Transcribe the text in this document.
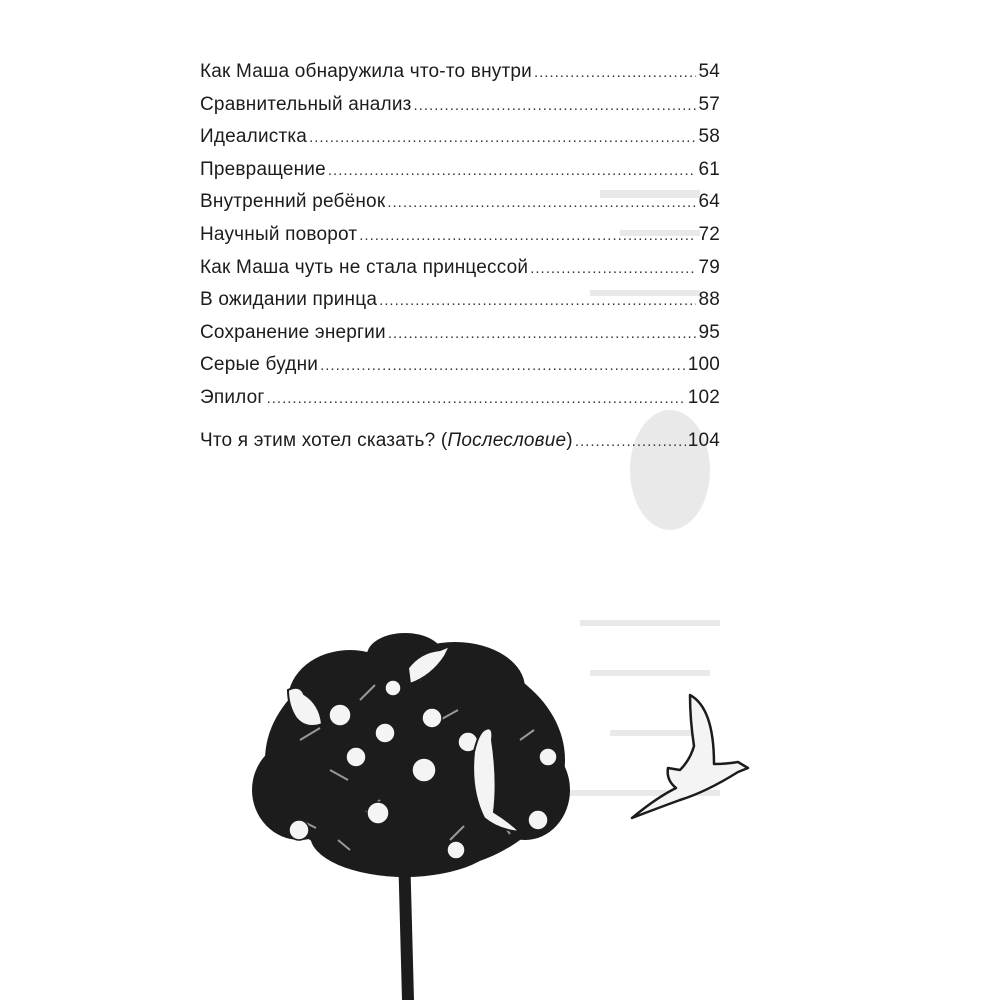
Как Маша обнаружила что-то внутри .....	54
Сравнительный анализ .....	57
Идеалистка .....	58
Превращение .....	61
Внутренний ребёнок .....	64
Научный поворот .....	72
Как Маша чуть не стала принцессой .....	79
В ожидании принца .....	88
Сохранение энергии .....	95
Серые будни .....	100
Эпилог .....	102
Что я этим хотел сказать? (Послесловие) .....	104
